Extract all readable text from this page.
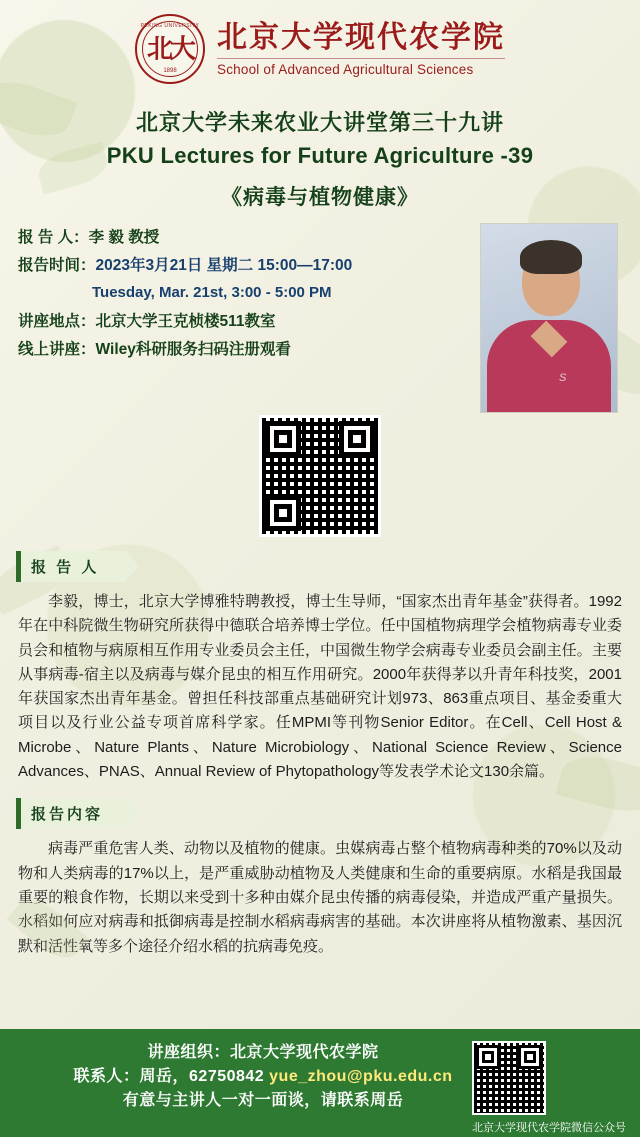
PEKING UNIVERSITY
北大
1898
北京大学现代农学院
School of Advanced Agricultural Sciences
北京大学未来农业大讲堂第三十九讲
PKU Lectures for Future Agriculture -39
《病毒与植物健康》
报 告 人：李 毅 教授
报告时间：2023年3月21日 星期二 15:00—17:00
Tuesday, Mar. 21st, 3:00 - 5:00 PM
讲座地点：北京大学王克桢楼511教室
线上讲座：Wiley科研服务扫码注册观看
S
报 告 人
李毅，博士，北京大学博雅特聘教授，博士生导师，“国家杰出青年基金”获得者。1992年在中科院微生物研究所获得中德联合培养博士学位。任中国植物病理学会植物病毒专业委员会和植物与病原相互作用专业委员会主任，中国微生物学会病毒专业委员会副主任。主要从事病毒-宿主以及病毒与媒介昆虫的相互作用研究。2000年获得茅以升青年科技奖，2001年获国家杰出青年基金。曾担任科技部重点基础研究计划973、863重点项目、基金委重大项目以及行业公益专项首席科学家。任MPMI等刊物Senior Editor。在Cell、Cell Host & Microbe、Nature Plants、Nature Microbiology、National Science Review、Science Advances、PNAS、Annual Review of Phytopathology等发表学术论文130余篇。
报告内容
病毒严重危害人类、动物以及植物的健康。虫媒病毒占整个植物病毒种类的70%以及动物和人类病毒的17%以上，是严重威胁动植物及人类健康和生命的重要病原。水稻是我国最重要的粮食作物，长期以来受到十多种由媒介昆虫传播的病毒侵染，并造成严重产量损失。水稻如何应对病毒和抵御病毒是控制水稻病毒病害的基础。本次讲座将从植物激素、基因沉默和活性氧等多个途径介绍水稻的抗病毒免疫。
讲座组织：北京大学现代农学院
联系人：周岳，62750842 yue_zhou@pku.edu.cn
有意与主讲人一对一面谈，请联系周岳
北京大学现代农学院微信公众号
